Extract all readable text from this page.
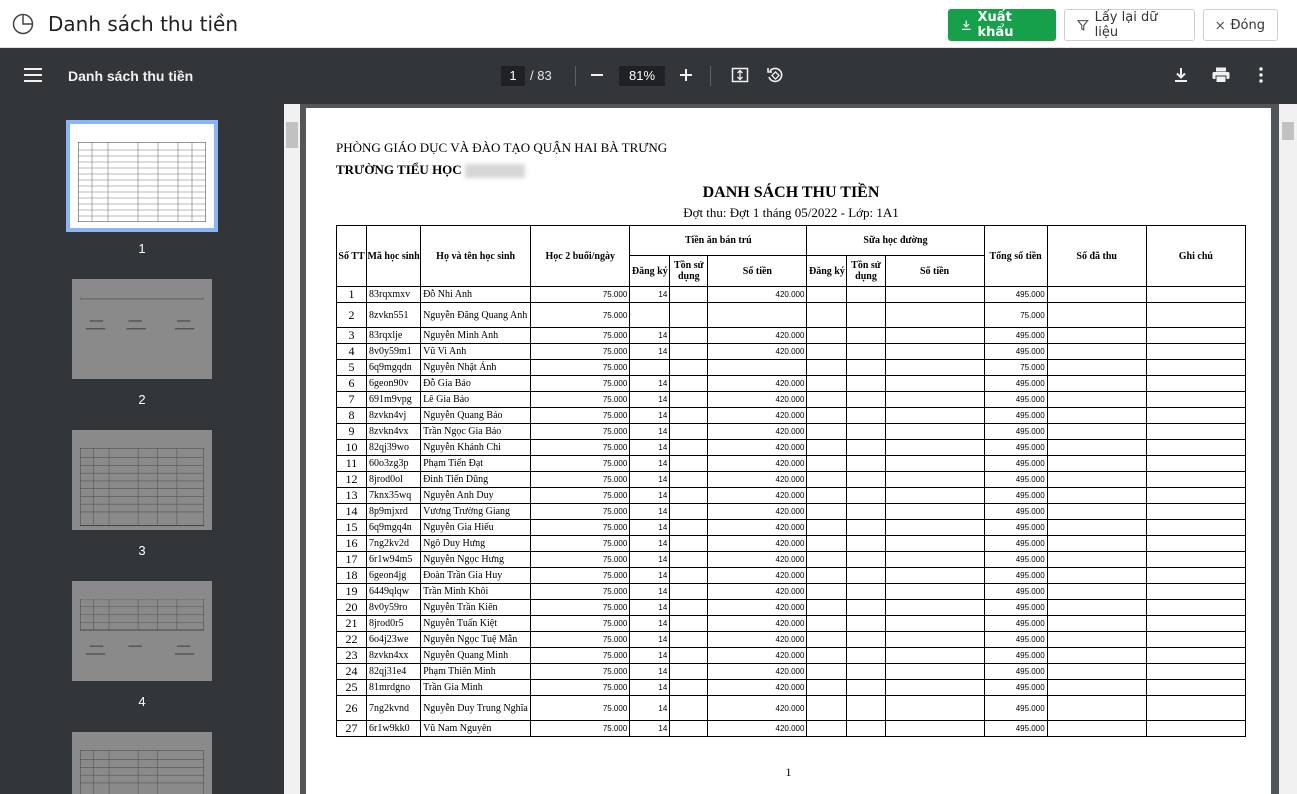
Danh sách thu tiền	Xuất khẩu
Lấy lại dữ liệu	Đóng
Danh sách thu tiền	1	/ 83	81%
1
2
3
4
PHÒNG GIÁO DỤC VÀ ĐÀO TẠO QUẬN HAI BÀ TRƯNG
TRƯỜNG TIỂU HỌC
DANH SÁCH THU TIỀN
Đợt thu: Đợt 1 tháng 05/2022 - Lớp: 1A1
Số TT	Mã học sinh	Họ và tên học sinh	Học 2 buổi/ngày	Tiền ăn bán trú			Sữa học đường			Tổng số tiền	Số đã thu	Ghi chú
				Đăng ký	Tồn sử dụng	Số tiền	Đăng ký	Tồn sử dụng	Số tiền			
1	83rqxmxv	Đỗ Nhi Anh	75.000	14		420.000				495.000		
2	8zvkn551	Nguyễn Đăng Quang Anh	75.000							75.000		
3	83rqxlje	Nguyễn Minh Anh	75.000	14		420.000				495.000		
4	8v0y59m1	Vũ Vi Anh	75.000	14		420.000				495.000		
5	6q9mgqdn	Nguyễn Nhật Ánh	75.000							75.000		
6	6geon90v	Đỗ Gia Bảo	75.000	14		420.000				495.000		
7	691m9vpg	Lê Gia Bảo	75.000	14		420.000				495.000		
8	8zvkn4vj	Nguyễn Quang Bảo	75.000	14		420.000				495.000		
9	8zvkn4vx	Trần Ngọc Gia Bảo	75.000	14		420.000				495.000		
10	82qj39wo	Nguyễn Khánh Chi	75.000	14		420.000				495.000		
11	60o3zg3p	Phạm Tiến Đạt	75.000	14		420.000				495.000		
12	8jrod0ol	Đinh Tiến Dũng	75.000	14		420.000				495.000		
13	7knx35wq	Nguyễn Anh Duy	75.000	14		420.000				495.000		
14	8p9mjxrd	Vương Trường Giang	75.000	14		420.000				495.000		
15	6q9mgq4n	Nguyễn Gia Hiếu	75.000	14		420.000				495.000		
16	7ng2kv2d	Ngô Duy Hưng	75.000	14		420.000				495.000		
17	6r1w94m5	Nguyễn Ngọc Hưng	75.000	14		420.000				495.000		
18	6geon4jg	Đoàn Trần Gia Huy	75.000	14		420.000				495.000		
19	6449qlqw	Trần Minh Khôi	75.000	14		420.000				495.000		
20	8v0y59ro	Nguyễn Trần Kiên	75.000	14		420.000				495.000		
21	8jrod0r5	Nguyễn Tuấn Kiệt	75.000	14		420.000				495.000		
22	6o4j23we	Nguyễn Ngọc Tuệ Mẫn	75.000	14		420.000				495.000		
23	8zvkn4xx	Nguyễn Quang Minh	75.000	14		420.000				495.000		
24	82qj31e4	Phạm Thiên Minh	75.000	14		420.000				495.000		
25	81mrdgno	Trần Gia Minh	75.000	14		420.000				495.000		
26	7ng2kvnd	Nguyễn Duy Trung Nghĩa	75.000	14		420.000				495.000		
27	6r1w9kk0	Vũ Nam Nguyên	75.000	14		420.000				495.000		
1
